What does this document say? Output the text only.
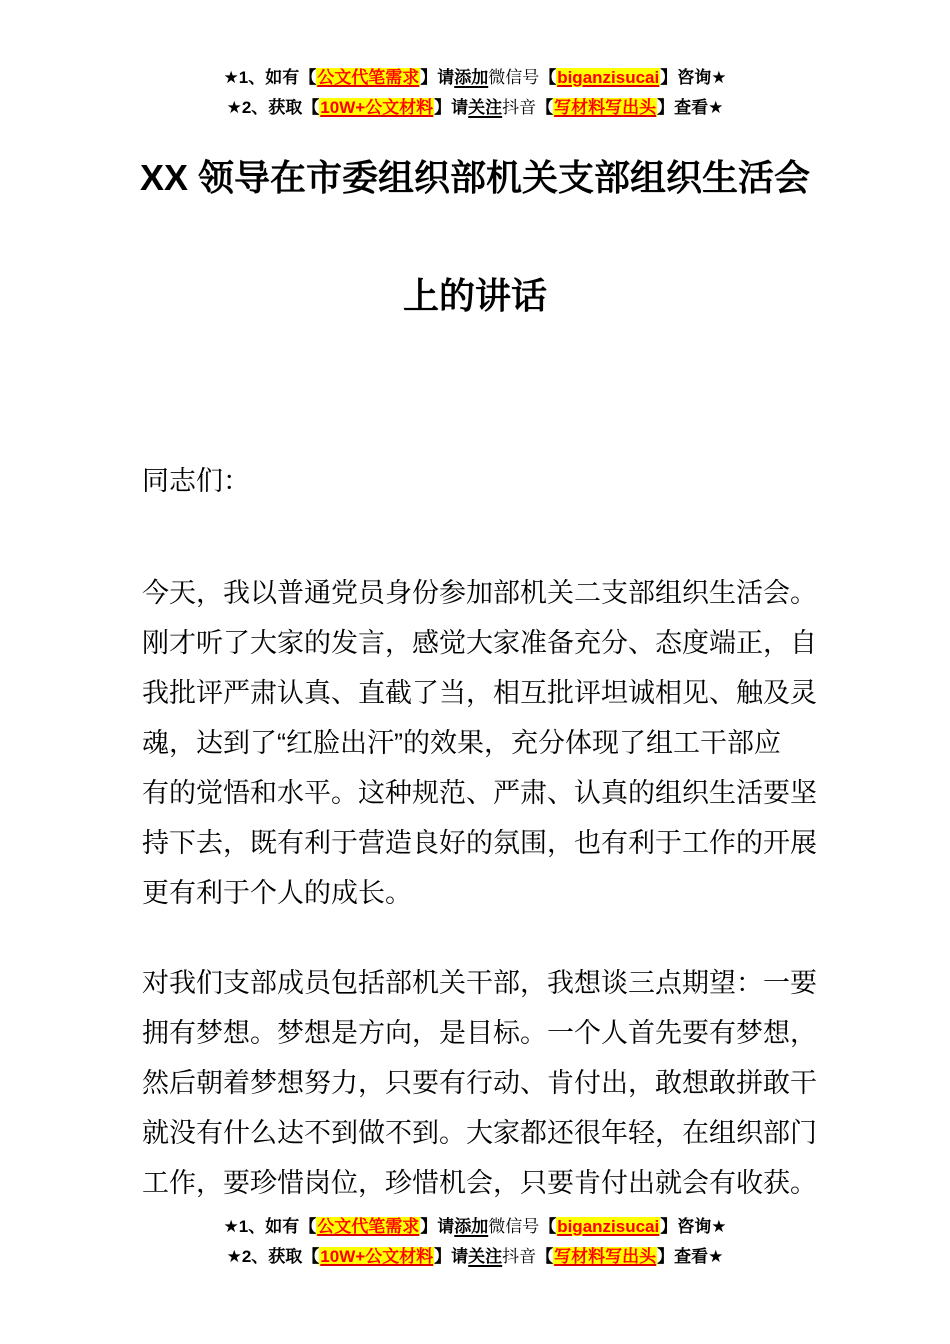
★1、如有【公文代笔需求】请添加微信号【biganzisucai】咨询★
★2、获取【10W+公文材料】请关注抖音【写材料写出头】查看★
XX 领导在市委组织部机关支部组织生活会
上的讲话
同志们：
今天，我以普通党员身份参加部机关二支部组织生活会。
刚才听了大家的发言，感觉大家准备充分、态度端正，自
我批评严肃认真、直截了当，相互批评坦诚相见、触及灵
魂，达到了“红脸出汗”的效果，充分体现了组工干部应
有的觉悟和水平。这种规范、严肃、认真的组织生活要坚
持下去，既有利于营造良好的氛围，也有利于工作的开展
更有利于个人的成长。
对我们支部成员包括部机关干部，我想谈三点期望：一要
拥有梦想。梦想是方向，是目标。一个人首先要有梦想，
然后朝着梦想努力，只要有行动、肯付出，敢想敢拼敢干
就没有什么达不到做不到。大家都还很年轻，在组织部门
工作，要珍惜岗位，珍惜机会，只要肯付出就会有收获。
★1、如有【公文代笔需求】请添加微信号【biganzisucai】咨询★
★2、获取【10W+公文材料】请关注抖音【写材料写出头】查看★
